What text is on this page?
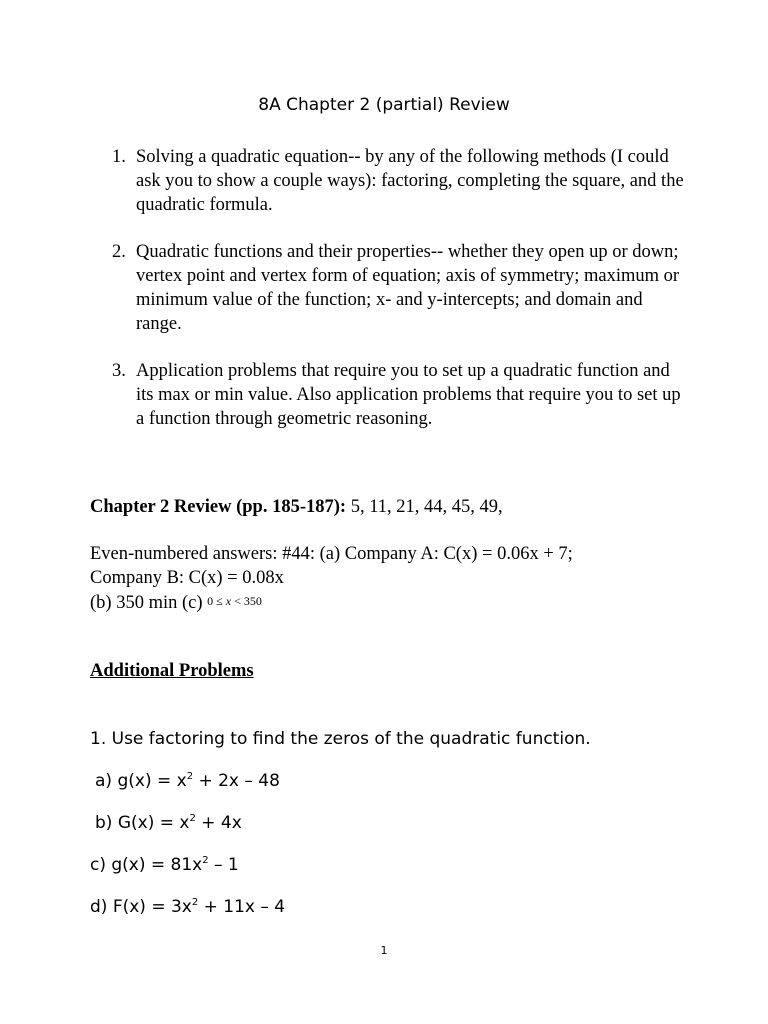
8A Chapter 2 (partial) Review
1. Solving a quadratic equation-- by any of the following methods (I could ask you to show a couple ways): factoring, completing the square, and the quadratic formula.
2. Quadratic functions and their properties-- whether they open up or down; vertex point and vertex form of equation; axis of symmetry; maximum or minimum value of the function; x- and y-intercepts; and domain and range.
3. Application problems that require you to set up a quadratic function and its max or min value. Also application problems that require you to set up a function through geometric reasoning.
Chapter 2 Review (pp. 185-187): 5, 11, 21, 44, 45, 49,
Even-numbered answers: #44: (a) Company A: C(x) = 0.06x + 7;
Company B: C(x) = 0.08x
(b) 350 min (c) 0 ≤ x < 350
Additional Problems
1. Use factoring to find the zeros of the quadratic function.
a) $g(x) = x^2 + 2x - 48$
b) $G(x) = x^2 + 4x$
c) $g(x) = 81x^2 - 1$
d) $F(x) = 3x^2 + 11x - 4$
1
